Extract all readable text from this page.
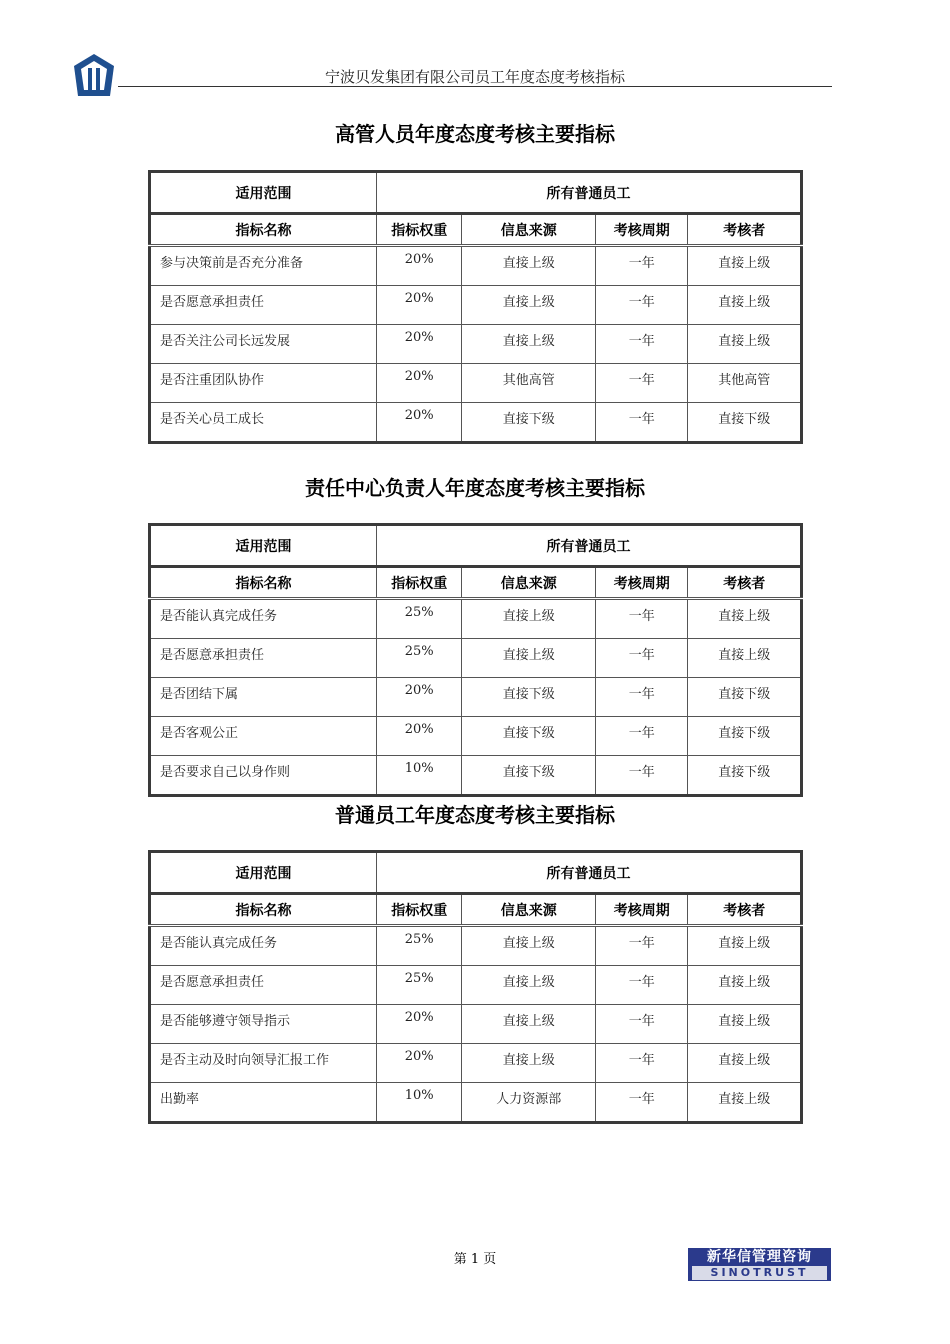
宁波贝发集团有限公司员工年度态度考核指标
高管人员年度态度考核主要指标
适用范围	所有普通员工			
指标名称	指标权重	信息来源	考核周期	考核者
参与决策前是否充分准备	20%	直接上级	一年	直接上级
是否愿意承担责任	20%	直接上级	一年	直接上级
是否关注公司长远发展	20%	直接上级	一年	直接上级
是否注重团队协作	20%	其他高管	一年	其他高管
是否关心员工成长	20%	直接下级	一年	直接下级
责任中心负责人年度态度考核主要指标
适用范围	所有普通员工			
指标名称	指标权重	信息来源	考核周期	考核者
是否能认真完成任务	25%	直接上级	一年	直接上级
是否愿意承担责任	25%	直接上级	一年	直接上级
是否团结下属	20%	直接下级	一年	直接下级
是否客观公正	20%	直接下级	一年	直接下级
是否要求自己以身作则	10%	直接下级	一年	直接下级
普通员工年度态度考核主要指标
适用范围	所有普通员工			
指标名称	指标权重	信息来源	考核周期	考核者
是否能认真完成任务	25%	直接上级	一年	直接上级
是否愿意承担责任	25%	直接上级	一年	直接上级
是否能够遵守领导指示	20%	直接上级	一年	直接上级
是否主动及时向领导汇报工作	20%	直接上级	一年	直接上级
出勤率	10%	人力资源部	一年	直接上级
第 1 页	新华信管理咨询
SINOTRUST
